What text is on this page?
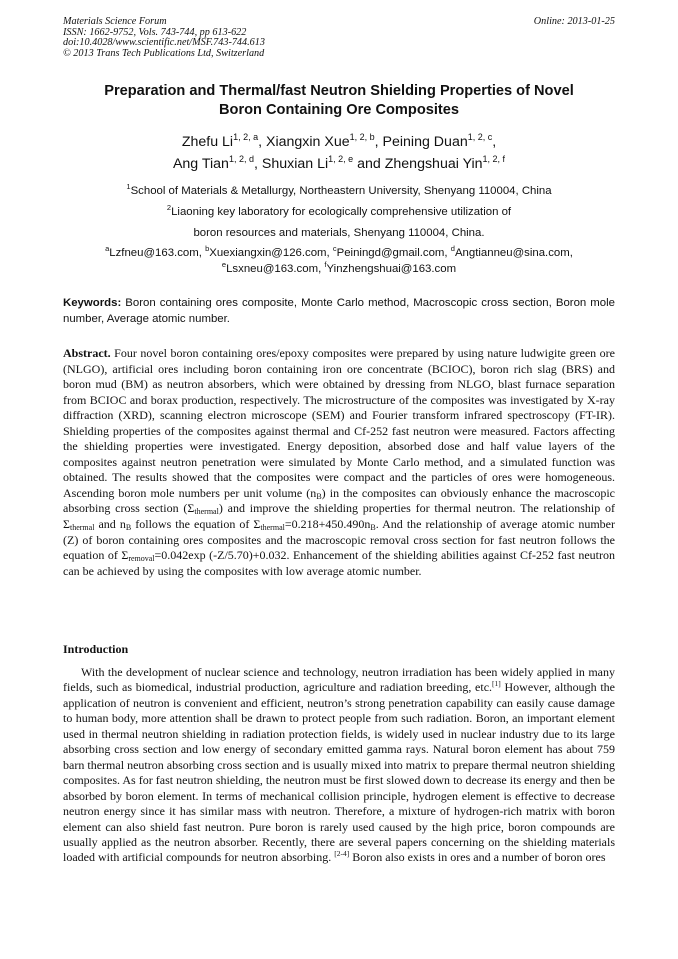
Materials Science Forum
ISSN: 1662-9752, Vols. 743-744, pp 613-622
doi:10.4028/www.scientific.net/MSF.743-744.613
© 2013 Trans Tech Publications Ltd, Switzerland
Online: 2013-01-25
Preparation and Thermal/fast Neutron Shielding Properties of Novel
Boron Containing Ore Composites
Zhefu Li$^{1, 2, a}$, Xiangxin Xue$^{1, 2, b}$, Peining Duan$^{1, 2, c}$,
Ang Tian$^{1, 2, d}$, Shuxian Li$^{1, 2, e}$ and Zhengshuai Yin$^{1, 2, f}$
$^1$School of Materials & Metallurgy, Northeastern University, Shenyang 110004, China
$^2$Liaoning key laboratory for ecologically comprehensive utilization of
boron resources and materials, Shenyang 110004, China.
$^a$Lzfneu@163.com, $^b$Xuexiangxin@126.com, $^c$Peiningd@gmail.com, $^d$Angtianneu@sina.com,
$^e$Lsxneu@163.com, $^f$Yinzhengshuai@163.com
Keywords: Boron containing ores composite, Monte Carlo method, Macroscopic cross section, Boron mole number, Average atomic number.
Abstract. Four novel boron containing ores/epoxy composites were prepared by using nature ludwigite green ore (NLGO), artificial ores including boron containing iron ore concentrate (BCIOC), boron rich slag (BRS) and boron mud (BM) as neutron absorbers, which were obtained by dressing from NLGO, blast furnace separation from BCIOC and borax production, respectively. The microstructure of the composites was investigated by X-ray diffraction (XRD), scanning electron microscope (SEM) and Fourier transform infrared spectroscopy (FT-IR). Shielding properties of the composites against thermal and Cf-252 fast neutron were measured. Factors affecting the shielding properties were investigated. Energy deposition, absorbed dose and half value layers of the composites against neutron penetration were simulated by Monte Carlo method, and a simulated function was obtained. The results showed that the composites were compact and the particles of ores were homogeneous. Ascending boron mole numbers per unit volume $(n_B)$ in the composites can obviously enhance the macroscopic absorbing cross section $(\Sigma_{thermal})$ and improve the shielding properties for thermal neutron. The relationship of $\Sigma_{thermal}$ and $n_B$ follows the equation of $\Sigma_{thermal}=0.218+450.490n_B$. And the relationship of average atomic number (Z) of boron containing ores composites and the macroscopic removal cross section for fast neutron follows the equation of $\Sigma_{removal}=0.042\exp$ (-Z/5.70)+0.032. Enhancement of the shielding abilities against Cf-252 fast neutron can be achieved by using the composites with low average atomic number.
Introduction
With the development of nuclear science and technology, neutron irradiation has been widely applied in many fields, such as biomedical, industrial production, agriculture and radiation breeding, etc.[1] However, although the application of neutron is convenient and efficient, neutron’s strong penetration capability can easily cause damage to human body, more attention shall be drawn to protect people from such radiation. Boron, an important element used in thermal neutron shielding in radiation protection fields, is widely used in nuclear industry due to its large absorbing cross section and low energy of secondary emitted gamma rays. Natural boron element has about 759 barn thermal neutron absorbing cross section and is usually mixed into matrix to prepare thermal neutron shielding composites. As for fast neutron shielding, the neutron must be first slowed down to decrease its energy and then be absorbed by boron element. In terms of mechanical collision principle, hydrogen element is effective to decrease neutron energy since it has similar mass with neutron. Therefore, a mixture of hydrogen-rich matrix with boron element can also shield fast neutron. Pure boron is rarely used caused by the high price, boron compounds are usually applied as the neutron absorber. Recently, there are several papers concerning on the shielding materials loaded with artificial compounds for neutron absorbing. [2-4] Boron also exists in ores and a number of boron ores
